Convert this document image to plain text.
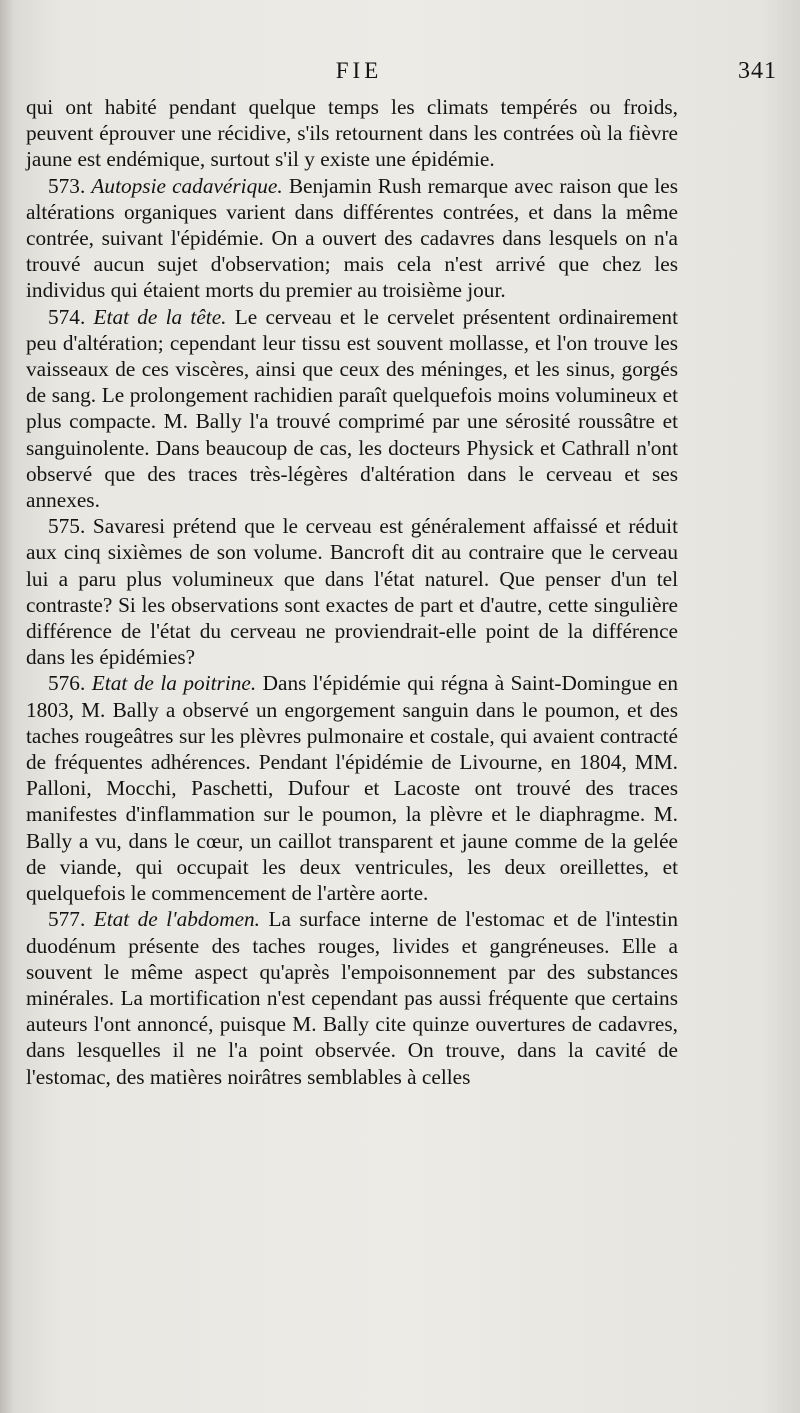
FIE	341

qui ont habité pendant quelque temps les climats tempérés ou froids, peuvent éprouver une récidive, s'ils retournent dans les contrées où la fièvre jaune est endémique, surtout s'il y existe une épidémie.

573. Autopsie cadavérique. Benjamin Rush remarque avec raison que les altérations organiques varient dans différentes contrées, et dans la même contrée, suivant l'épidémie. On a ouvert des cadavres dans lesquels on n'a trouvé aucun sujet d'observation; mais cela n'est arrivé que chez les individus qui étaient morts du premier au troisième jour.

574. Etat de la tête. Le cerveau et le cervelet présentent ordinairement peu d'altération; cependant leur tissu est souvent mollasse, et l'on trouve les vaisseaux de ces viscères, ainsi que ceux des méninges, et les sinus, gorgés de sang. Le prolongement rachidien paraît quelquefois moins volumineux et plus compacte. M. Bally l'a trouvé comprimé par une sérosité roussâtre et sanguinolente. Dans beaucoup de cas, les docteurs Physick et Cathrall n'ont observé que des traces très-légères d'altération dans le cerveau et ses annexes.

575. Savaresi prétend que le cerveau est généralement affaissé et réduit aux cinq sixièmes de son volume. Bancroft dit au contraire que le cerveau lui a paru plus volumineux que dans l'état naturel. Que penser d'un tel contraste? Si les observations sont exactes de part et d'autre, cette singulière différence de l'état du cerveau ne proviendrait-elle point de la différence dans les épidémies?

576. Etat de la poitrine. Dans l'épidémie qui régna à Saint-Domingue en 1803, M. Bally a observé un engorgement sanguin dans le poumon, et des taches rougeâtres sur les plèvres pulmonaire et costale, qui avaient contracté de fréquentes adhérences. Pendant l'épidémie de Livourne, en 1804, MM. Palloni, Mocchi, Paschetti, Dufour et Lacoste ont trouvé des traces manifestes d'inflammation sur le poumon, la plèvre et le diaphragme. M. Bally a vu, dans le cœur, un caillot transparent et jaune comme de la gelée de viande, qui occupait les deux ventricules, les deux oreillettes, et quelquefois le commencement de l'artère aorte.

577. Etat de l'abdomen. La surface interne de l'estomac et de l'intestin duodénum présente des taches rouges, livides et gangréneuses. Elle a souvent le même aspect qu'après l'empoisonnement par des substances minérales. La mortification n'est cependant pas aussi fréquente que certains auteurs l'ont annoncé, puisque M. Bally cite quinze ouvertures de cadavres, dans lesquelles il ne l'a point observée. On trouve, dans la cavité de l'estomac, des matières noirâtres semblables à celles
